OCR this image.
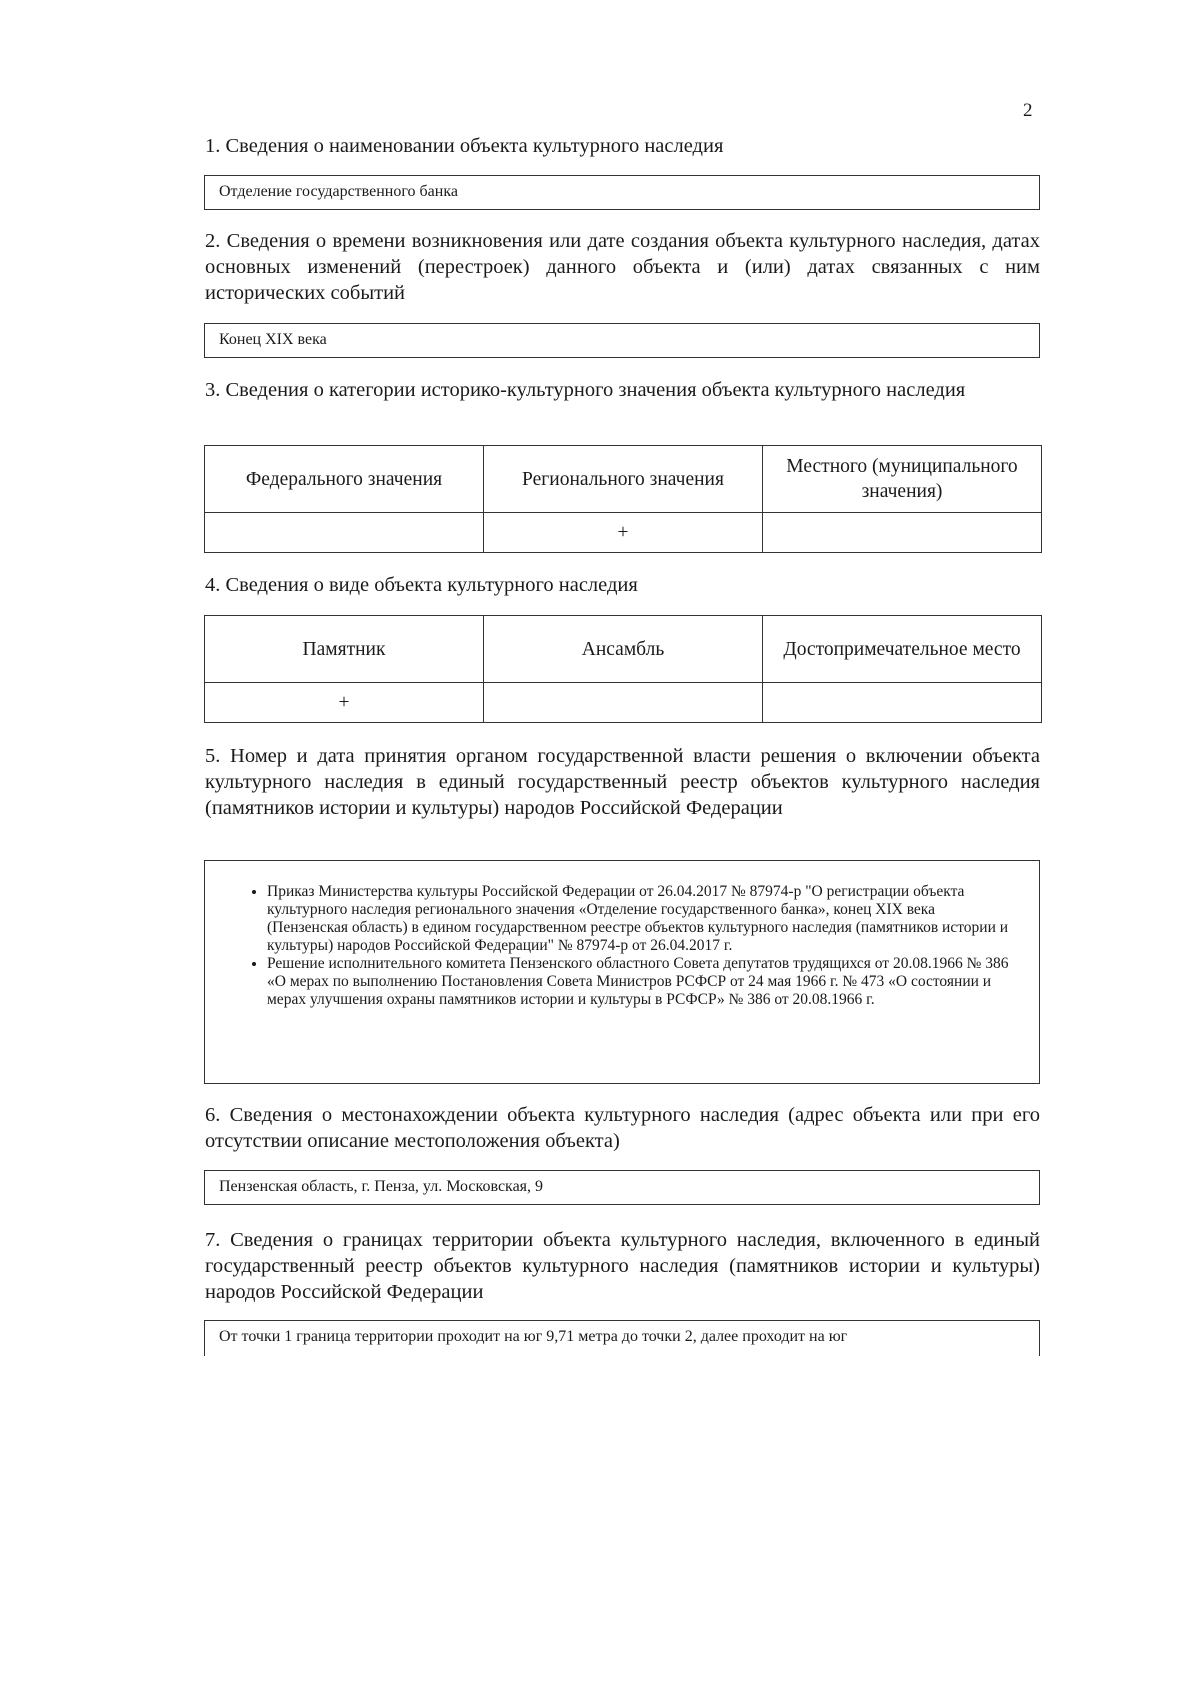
2
1. Сведения о наименовании объекта культурного наследия
Отделение государственного банка
2. Сведения о времени возникновения или дате создания объекта культурного наследия, датах основных изменений (перестроек) данного объекта и (или) датах связанных с ним исторических событий
Конец XIX века
3. Сведения о категории историко-культурного значения объекта культурного наследия
Федерального значения	Регионального значения	Местного (муниципального значения)
	+	
4. Сведения о виде объекта культурного наследия
Памятник	Ансамбль	Достопримечательное место
+		
5. Номер и дата принятия органом государственной власти решения о включении объекта культурного наследия в единый государственный реестр объектов культурного наследия (памятников истории и культуры) народов Российской Федерации
• Приказ Министерства культуры Российской Федерации от 26.04.2017 № 87974-р "О регистрации объекта культурного наследия регионального значения «Отделение государственного банка», конец XIX века (Пензенская область) в едином государственном реестре объектов культурного наследия (памятников истории и культуры) народов Российской Федерации" № 87974-р от 26.04.2017 г.
• Решение исполнительного комитета Пензенского областного Совета депутатов трудящихся от 20.08.1966 № 386 «О мерах по выполнению Постановления Совета Министров РСФСР от 24 мая 1966 г. № 473 «О состоянии и мерах улучшения охраны памятников истории и культуры в РСФСР» № 386 от 20.08.1966 г.
6. Сведения о местонахождении объекта культурного наследия (адрес объекта или при его отсутствии описание местоположения объекта)
Пензенская область, г. Пенза, ул. Московская, 9
7. Сведения о границах территории объекта культурного наследия, включенного в единый государственный реестр объектов культурного наследия (памятников истории и культуры) народов Российской Федерации
От точки 1 граница территории проходит на юг 9,71 метра до точки 2, далее проходит на юг
